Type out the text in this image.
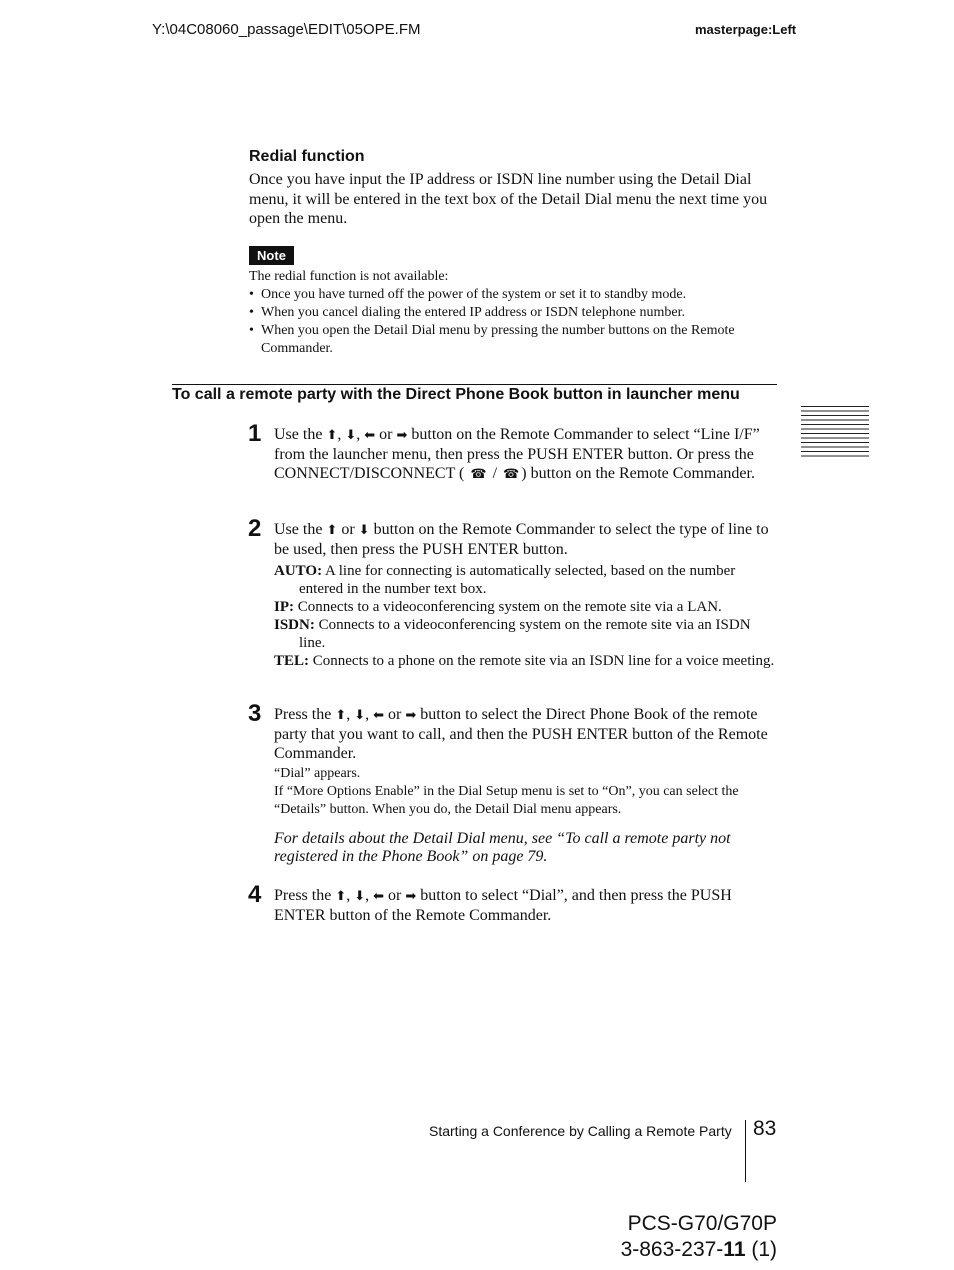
Y:\04C08060_passage\EDIT\05OPE.FM	masterpage:Left
Redial function
Once you have input the IP address or ISDN line number using the Detail Dial menu, it will be entered in the text box of the Detail Dial menu the next time you open the menu.
Note
The redial function is not available:
• Once you have turned off the power of the system or set it to standby mode.
• When you cancel dialing the entered IP address or ISDN telephone number.
• When you open the Detail Dial menu by pressing the number buttons on the Remote Commander.
To call a remote party with the Direct Phone Book button in launcher menu
1 Use the ⬆, ⬇, ⬅ or ➡ button on the Remote Commander to select “Line I/F” from the launcher menu, then press the PUSH ENTER button. Or press the CONNECT/DISCONNECT ( ☎ / ☎ ) button on the Remote Commander.
2 Use the ⬆ or ⬇ button on the Remote Commander to select the type of line to be used, then press the PUSH ENTER button.
AUTO: A line for connecting is automatically selected, based on the number entered in the number text box.
IP: Connects to a videoconferencing system on the remote site via a LAN.
ISDN: Connects to a videoconferencing system on the remote site via an ISDN line.
TEL: Connects to a phone on the remote site via an ISDN line for a voice meeting.
3 Press the ⬆, ⬇, ⬅ or ➡ button to select the Direct Phone Book of the remote party that you want to call, and then the PUSH ENTER button of the Remote Commander.
“Dial” appears.
If “More Options Enable” in the Dial Setup menu is set to “On”, you can select the “Details” button. When you do, the Detail Dial menu appears.
For details about the Detail Dial menu, see “To call a remote party not registered in the Phone Book” on page 79.
4 Press the ⬆, ⬇, ⬅ or ➡ button to select “Dial”, and then press the PUSH ENTER button of the Remote Commander.
Starting a Conference by Calling a Remote Party 83
PCS-G70/G70P
3-863-237-11 (1)
